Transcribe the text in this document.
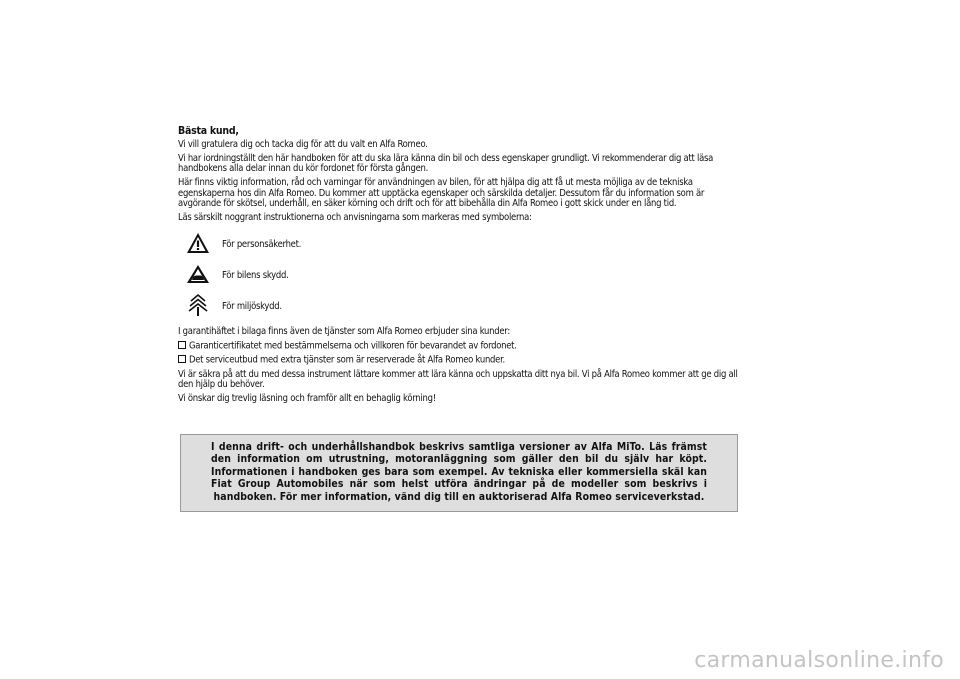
Bästa kund,

Vi vill gratulera dig och tacka dig för att du valt en Alfa Romeo.

Vi har iordningställt den här handboken för att du ska lära känna din bil och dess egenskaper grundligt. Vi rekommenderar dig att läsa handbokens alla delar innan du kör fordonet för första gången.

Här finns viktig information, råd och varningar för användningen av bilen, för att hjälpa dig att få ut mesta möjliga av de tekniska egenskaperna hos din Alfa Romeo. Du kommer att upptäcka egenskaper och särskilda detaljer. Dessutom får du information som är avgörande för skötsel, underhåll, en säker körning och drift och för att bibehålla din Alfa Romeo i gott skick under en lång tid.

Läs särskilt noggrant instruktionerna och anvisningarna som markeras med symbolerna:

För personsäkerhet.
För bilens skydd.
För miljöskydd.

I garantihäftet i bilaga finns även de tjänster som Alfa Romeo erbjuder sina kunder:

Garanticertifikatet med bestämmelserna och villkoren för bevarandet av fordonet.

Det serviceutbud med extra tjänster som är reserverade åt Alfa Romeo kunder.

Vi är säkra på att du med dessa instrument lättare kommer att lära känna och uppskatta ditt nya bil. Vi på Alfa Romeo kommer att ge dig all den hjälp du behöver.

Vi önskar dig trevlig läsning och framför allt en behaglig körning!

I denna drift- och underhållshandbok beskrivs samtliga versioner av Alfa MiTo. Läs främst den information om utrustning, motoranläggning som gäller den bil du själv har köpt. Informationen i handboken ges bara som exempel. Av tekniska eller kommersiella skäl kan Fiat Group Automobiles när som helst utföra ändringar på de modeller som beskrivs i handboken. För mer information, vänd dig till en auktoriserad Alfa Romeo serviceverkstad.
carmanualsonline.info
